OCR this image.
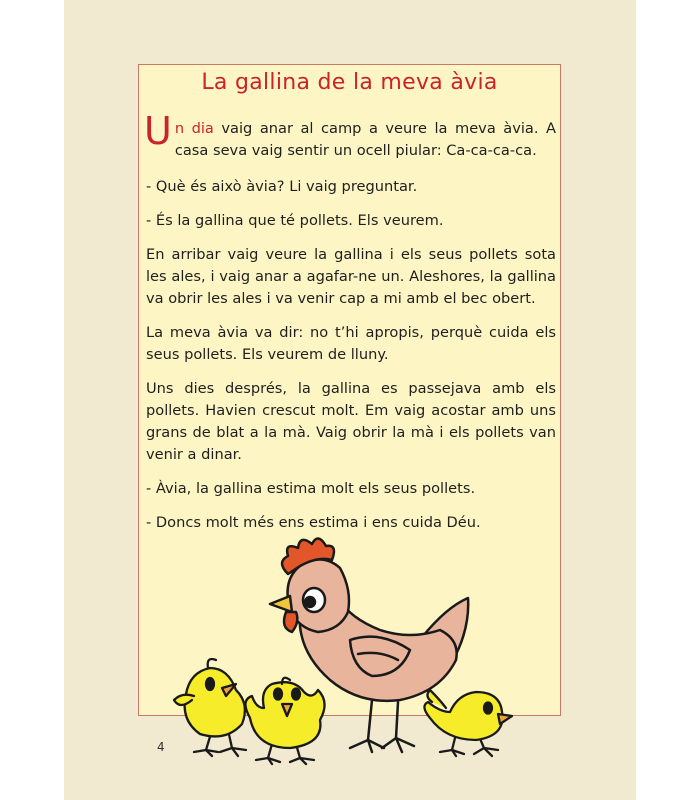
La gallina de la meva àvia

Un dia vaig anar al camp a veure la meva àvia. A casa seva vaig sentir un ocell piular: Ca-ca-ca-ca.

- Què és això àvia? Li vaig preguntar.

- És la gallina que té pollets. Els veurem.

En arribar vaig veure la gallina i els seus pollets sota les ales, i vaig anar a agafar-ne un. Aleshores, la gallina va obrir les ales i va venir cap a mi amb el bec obert.

La meva àvia va dir: no t’hi apropis, perquè cuida els seus pollets. Els veurem de lluny.

Uns dies després, la gallina es passejava amb els pollets. Havien crescut molt. Em vaig acostar amb uns grans de blat a la mà. Vaig obrir la mà i els pollets van venir a dinar.

- Àvia, la gallina estima molt els seus pollets.

- Doncs molt més ens estima i ens cuida Déu.

4
